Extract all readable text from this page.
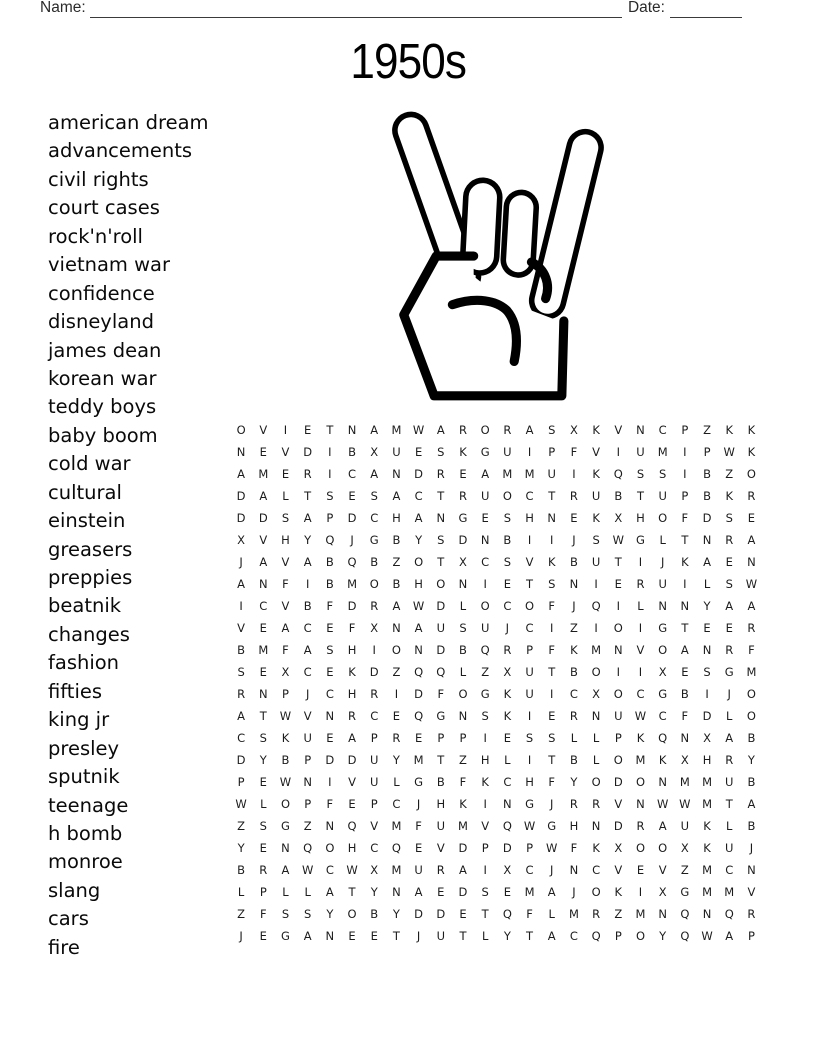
Name:	Date:
1950s
american dream
advancements
civil rights
court cases
rock'n'roll
vietnam war
confidence
disneyland
james dean
korean war
teddy boys
baby boom
cold war
cultural
einstein
greasers
preppies
beatnik
changes
fashion
fifties
king jr
presley
sputnik
teenage
h bomb
monroe
slang
cars
fire
O	V	I	E	T	N	A	M	W	A	R	O	R	A	S	X	K	V	N	C	P	Z	K	K
N	E	V	D	I	B	X	U	E	S	K	G	U	I	P	F	V	I	U	M	I	P	W	K
A	M	E	R	I	C	A	N	D	R	E	A	M	M	U	I	K	Q	S	S	I	B	Z	O
D	A	L	T	S	E	S	A	C	T	R	U	O	C	T	R	U	B	T	U	P	B	K	R
D	D	S	A	P	D	C	H	A	N	G	E	S	H	N	E	K	X	H	O	F	D	S	E
X	V	H	Y	Q	J	G	B	Y	S	D	N	B	I	I	J	S	W	G	L	T	N	R	A
J	A	V	A	B	Q	B	Z	O	T	X	C	S	V	K	B	U	T	I	J	K	A	E	N
A	N	F	I	B	M	O	B	H	O	N	I	E	T	S	N	I	E	R	U	I	L	S	W
I	C	V	B	F	D	R	A	W	D	L	O	C	O	F	J	Q	I	L	N	N	Y	A	A
V	E	A	C	E	F	X	N	A	U	S	U	J	C	I	Z	I	O	I	G	T	E	E	R
B	M	F	A	S	H	I	O	N	D	B	Q	R	P	F	K	M	N	V	O	A	N	R	F
S	E	X	C	E	K	D	Z	Q	Q	L	Z	X	U	T	B	O	I	I	X	E	S	G	M
R	N	P	J	C	H	R	I	D	F	O	G	K	U	I	C	X	O	C	G	B	I	J	O
A	T	W	V	N	R	C	E	Q	G	N	S	K	I	E	R	N	U	W	C	F	D	L	O
C	S	K	U	E	A	P	R	E	P	P	I	E	S	S	L	L	P	K	Q	N	X	A	B
D	Y	B	P	D	D	U	Y	M	T	Z	H	L	I	T	B	L	O	M	K	X	H	R	Y
P	E	W	N	I	V	U	L	G	B	F	K	C	H	F	Y	O	D	O	N	M	M	U	B
W	L	O	P	F	E	P	C	J	H	K	I	N	G	J	R	R	V	N	W W	M	T	A
Z	S	G	Z	N	Q	V	M	F	U	M	V	Q	W	G	H	N	D	R	A	U	K	L	B
Y	E	N	Q	O	H	C	Q	E	V	D	P	D	P	W	F	K	X	O	O	X	K	U	J
B	R	A	W	C	W	X	M	U	R	A	I	X	C	J	N	C	V	E	V	Z	M	C	N
L	P	L	L	A	T	Y	N	A	E	D	S	E	M	A	J	O	K	I	X	G	M	M	V
Z	F	S	S	Y	O	B	Y	D	D	E	T	Q	F	L	M	R	Z	M	N	Q	N	Q	R
J	E	G	A	N	E	E	T	J	U	T	L	Y	T	A	C	Q	P	O	Y	Q	W	A	P
